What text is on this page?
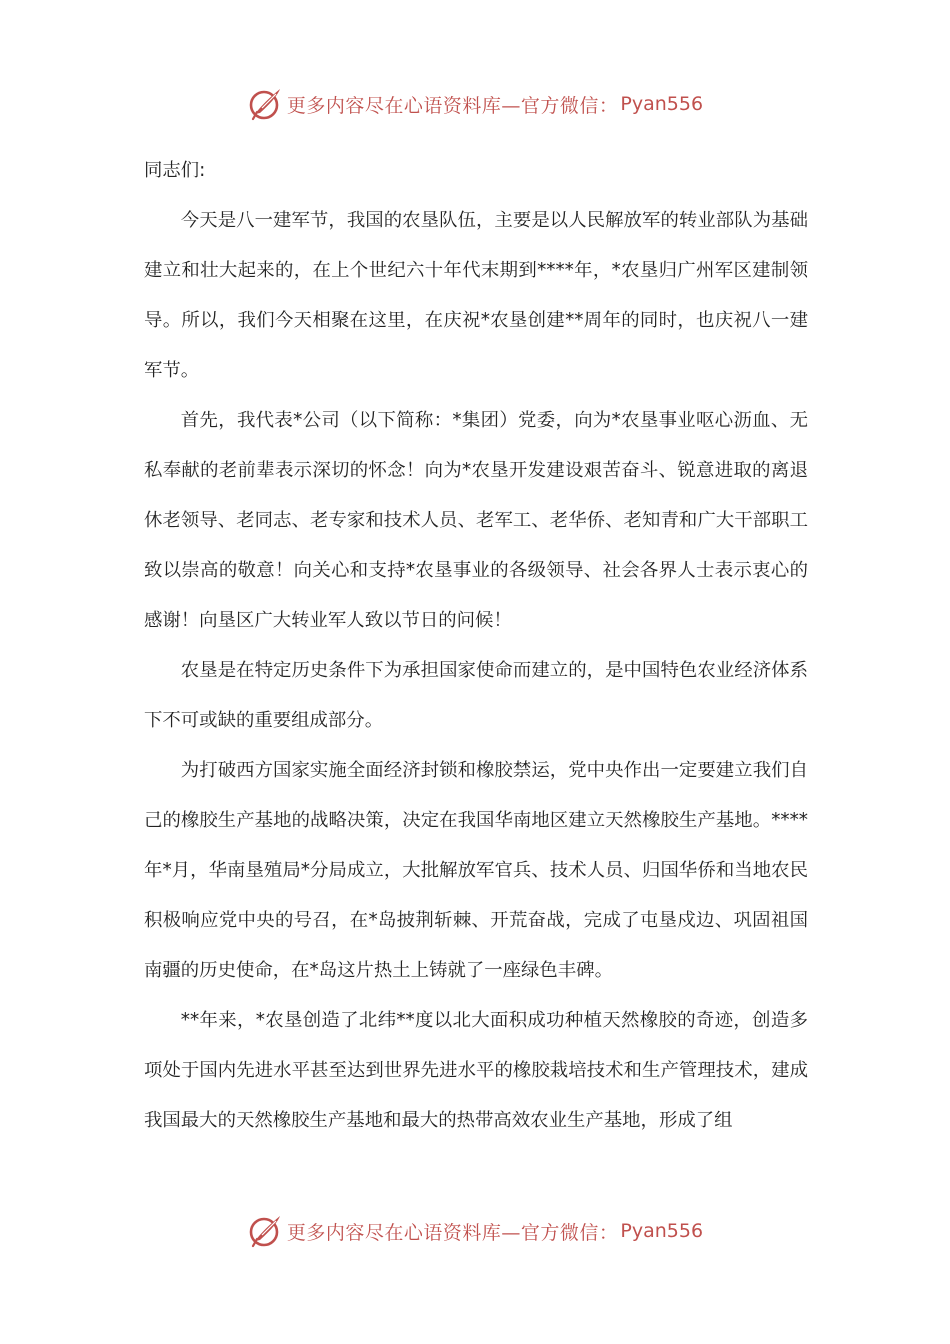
更多内容尽在心语资料库—官方微信： Pyan556

同志们:

今天是八一建军节，我国的农垦队伍，主要是以人民解放军的转业部队为基础建立和壮大起来的，在上个世纪六十年代末期到****年，*农垦归广州军区建制领导。所以，我们今天相聚在这里，在庆祝*农垦创建**周年的同时，也庆祝八一建军节。

首先，我代表*公司（以下简称：*集团）党委，向为*农垦事业呕心沥血、无私奉献的老前辈表示深切的怀念！向为*农垦开发建设艰苦奋斗、锐意进取的离退休老领导、老同志、老专家和技术人员、老军工、老华侨、老知青和广大干部职工致以崇高的敬意！向关心和支持*农垦事业的各级领导、社会各界人士表示衷心的感谢！向垦区广大转业军人致以节日的问候！

农垦是在特定历史条件下为承担国家使命而建立的，是中国特色农业经济体系下不可或缺的重要组成部分。

为打破西方国家实施全面经济封锁和橡胶禁运，党中央作出一定要建立我们自己的橡胶生产基地的战略决策，决定在我国华南地区建立天然橡胶生产基地。****年*月，华南垦殖局*分局成立，大批解放军官兵、技术人员、归国华侨和当地农民积极响应党中央的号召，在*岛披荆斩棘、开荒奋战，完成了屯垦戍边、巩固祖国南疆的历史使命，在*岛这片热土上铸就了一座绿色丰碑。

**年来，*农垦创造了北纬**度以北大面积成功种植天然橡胶的奇迹，创造多项处于国内先进水平甚至达到世界先进水平的橡胶栽培技术和生产管理技术，建成我国最大的天然橡胶生产基地和最大的热带高效农业生产基地，形成了组

更多内容尽在心语资料库—官方微信： Pyan556
